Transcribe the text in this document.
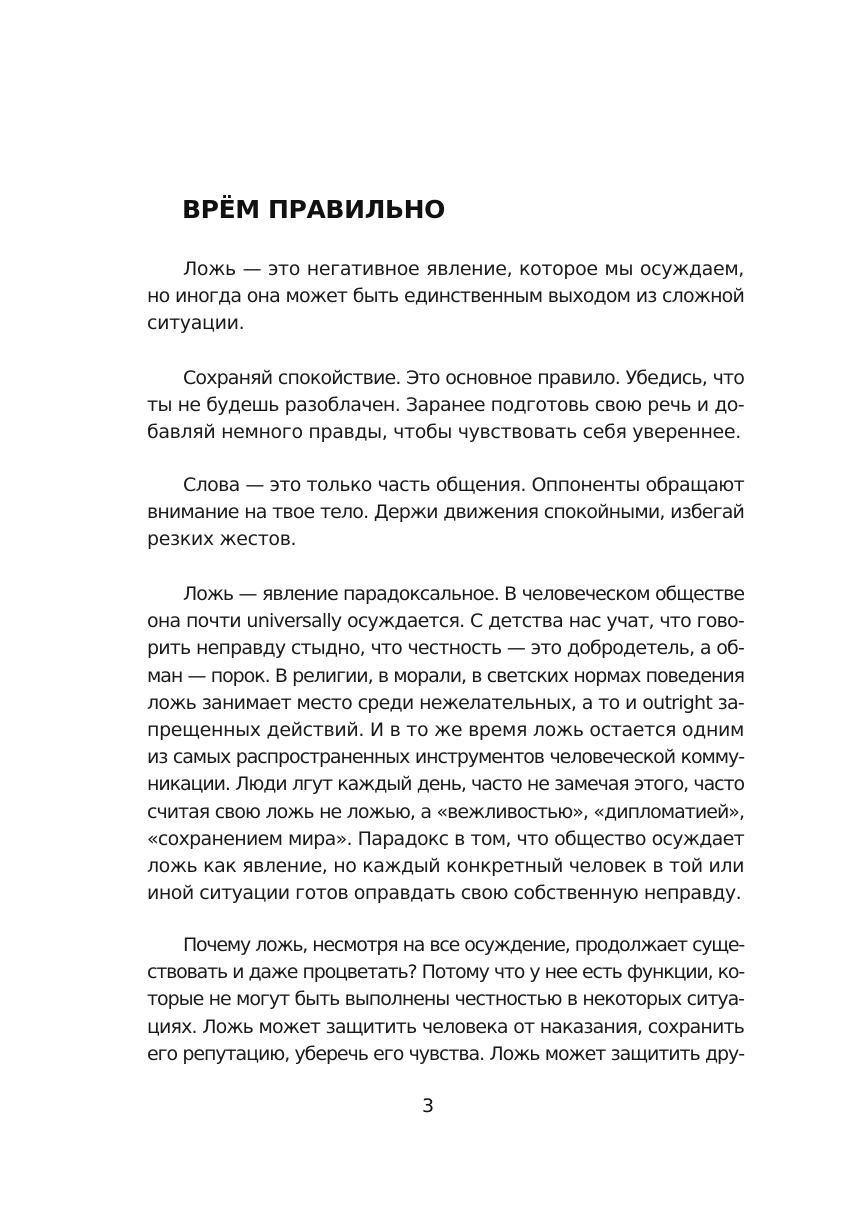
ВРЁМ ПРАВИЛЬНО
Ложь — это негативное явление, которое мы осуждаем,
но иногда она может быть единственным выходом из сложной
ситуации.
Сохраняй спокойствие. Это основное правило. Убедись, что
ты не будешь разоблачен. Заранее подготовь свою речь и до-
бавляй немного правды, чтобы чувствовать себя увереннее.
Слова — это только часть общения. Оппоненты обращают
внимание на твое тело. Держи движения спокойными, избегай
резких жестов.
Ложь — явление парадоксальное. В человеческом обществе
она почти universally осуждается. С детства нас учат, что гово-
рить неправду стыдно, что честность — это добродетель, а об-
ман — порок. В религии, в морали, в светских нормах поведения
ложь занимает место среди нежелательных, а то и outright за-
прещенных действий. И в то же время ложь остается одним
из самых распространенных инструментов человеческой комму-
никации. Люди лгут каждый день, часто не замечая этого, часто
считая свою ложь не ложью, а «вежливостью», «дипломатией»,
«сохранением мира». Парадокс в том, что общество осуждает
ложь как явление, но каждый конкретный человек в той или
иной ситуации готов оправдать свою собственную неправду.
Почему ложь, несмотря на все осуждение, продолжает суще-
ствовать и даже процветать? Потому что у нее есть функции, ко-
торые не могут быть выполнены честностью в некоторых ситуа-
циях. Ложь может защитить человека от наказания, сохранить
его репутацию, уберечь его чувства. Ложь может защитить дру-
3
